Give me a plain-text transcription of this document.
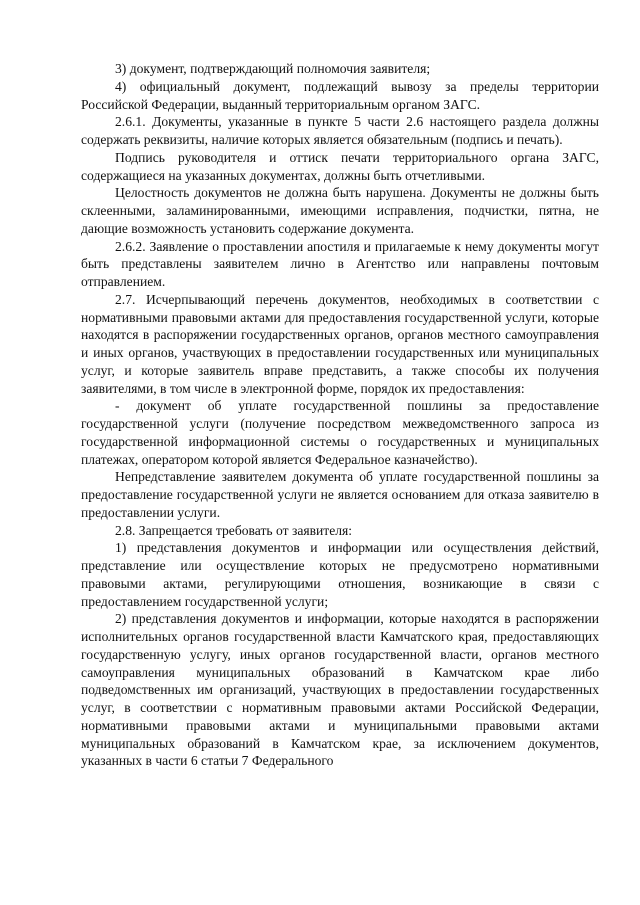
3) документ, подтверждающий полномочия заявителя;

4) официальный документ, подлежащий вывозу за пределы территории Российской Федерации, выданный территориальным органом ЗАГС.

2.6.1. Документы, указанные в пункте 5 части 2.6 настоящего раздела должны содержать реквизиты, наличие которых является обязательным (подпись и печать).

Подпись руководителя и оттиск печати территориального органа ЗАГС, содержащиеся на указанных документах, должны быть отчетливыми.

Целостность документов не должна быть нарушена. Документы не должны быть склеенными, заламинированными, имеющими исправления, подчистки, пятна, не дающие возможность установить содержание документа.

2.6.2. Заявление о проставлении апостиля и прилагаемые к нему документы могут быть представлены заявителем лично в Агентство или направлены почтовым отправлением.

2.7. Исчерпывающий перечень документов, необходимых в соответствии с нормативными правовыми актами для предоставления государственной услуги, которые находятся в распоряжении государственных органов, органов местного самоуправления и иных органов, участвующих в предоставлении государственных или муниципальных услуг, и которые заявитель вправе представить, а также способы их получения заявителями, в том числе в электронной форме, порядок их предоставления:

- документ об уплате государственной пошлины за предоставление государственной услуги (получение посредством межведомственного запроса из государственной информационной системы о государственных и муниципальных платежах, оператором которой является Федеральное казначейство).

Непредставление заявителем документа об уплате государственной пошлины за предоставление государственной услуги не является основанием для отказа заявителю в предоставлении услуги.

2.8. Запрещается требовать от заявителя:

1) представления документов и информации или осуществления действий, представление или осуществление которых не предусмотрено нормативными правовыми актами, регулирующими отношения, возникающие в связи с предоставлением государственной услуги;

2) представления документов и информации, которые находятся в распоряжении исполнительных органов государственной власти Камчатского края, предоставляющих государственную услугу, иных органов государственной власти, органов местного самоуправления муниципальных образований в Камчатском крае либо подведомственных им организаций, участвующих в предоставлении государственных услуг, в соответствии с нормативным правовыми актами Российской Федерации, нормативными правовыми актами и муниципальными правовыми актами муниципальных образований в Камчатском крае, за исключением документов, указанных в части 6 статьи 7 Федерального
